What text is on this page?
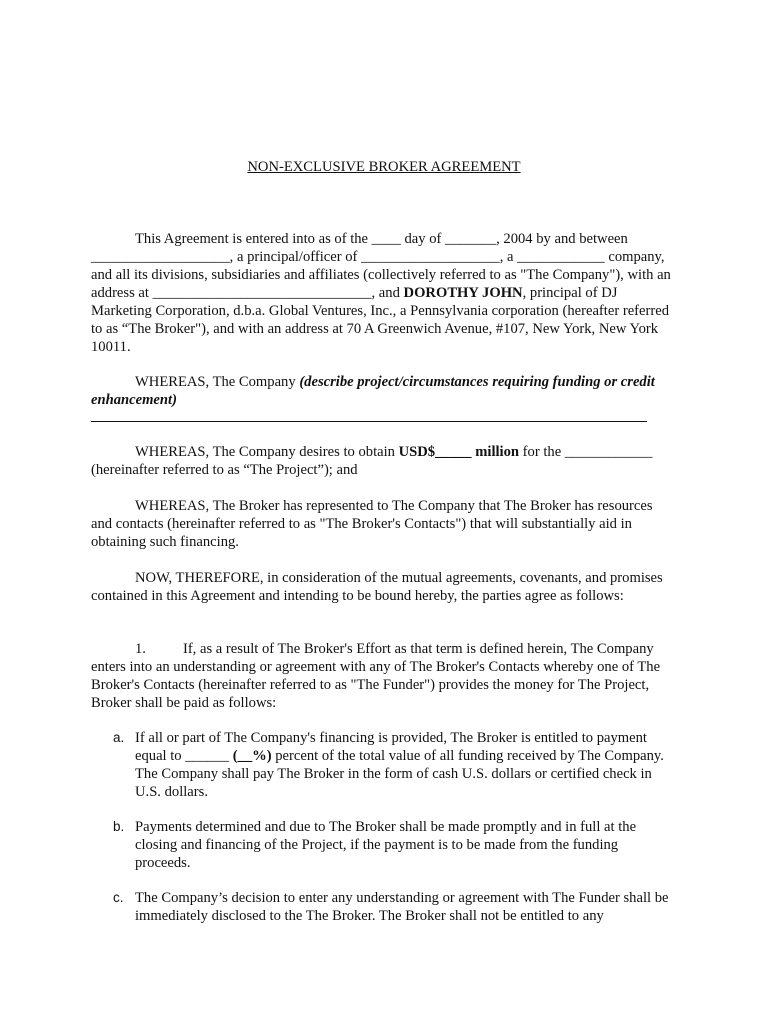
NON-EXCLUSIVE BROKER AGREEMENT

This Agreement is entered into as of the ____ day of _______, 2004 by and between ___________________, a principal/officer of ___________________, a ____________ company, and all its divisions, subsidiaries and affiliates (collectively referred to as "The Company"), with an address at ______________________________, and DOROTHY JOHN, principal of DJ Marketing Corporation, d.b.a. Global Ventures, Inc., a Pennsylvania corporation (hereafter referred to as “The Broker"), and with an address at 70 A Greenwich Avenue, #107, New York, New York 10011.

WHEREAS, The Company (describe project/circumstances requiring funding or credit enhancement)

WHEREAS, The Company desires to obtain USD$_____ million for the ____________ (hereinafter referred to as “The Project”); and

WHEREAS, The Broker has represented to The Company that The Broker has resources and contacts (hereinafter referred to as "The Broker's Contacts") that will substantially aid in obtaining such financing.

NOW, THEREFORE, in consideration of the mutual agreements, covenants, and promises contained in this Agreement and intending to be bound hereby, the parties agree as follows:

1.	If, as a result of The Broker's Effort as that term is defined herein, The Company enters into an understanding or agreement with any of The Broker's Contacts whereby one of The Broker's Contacts (hereinafter referred to as "The Funder") provides the money for The Project, Broker shall be paid as follows:

a. If all or part of The Company's financing is provided, The Broker is entitled to payment equal to ______ (__%) percent of the total value of all funding received by The Company. The Company shall pay The Broker in the form of cash U.S. dollars or certified check in U.S. dollars.
b. Payments determined and due to The Broker shall be made promptly and in full at the closing and financing of the Project, if the payment is to be made from the funding proceeds.
c. The Company’s decision to enter any understanding or agreement with The Funder shall be immediately disclosed to the The Broker. The Broker shall not be entitled to any
